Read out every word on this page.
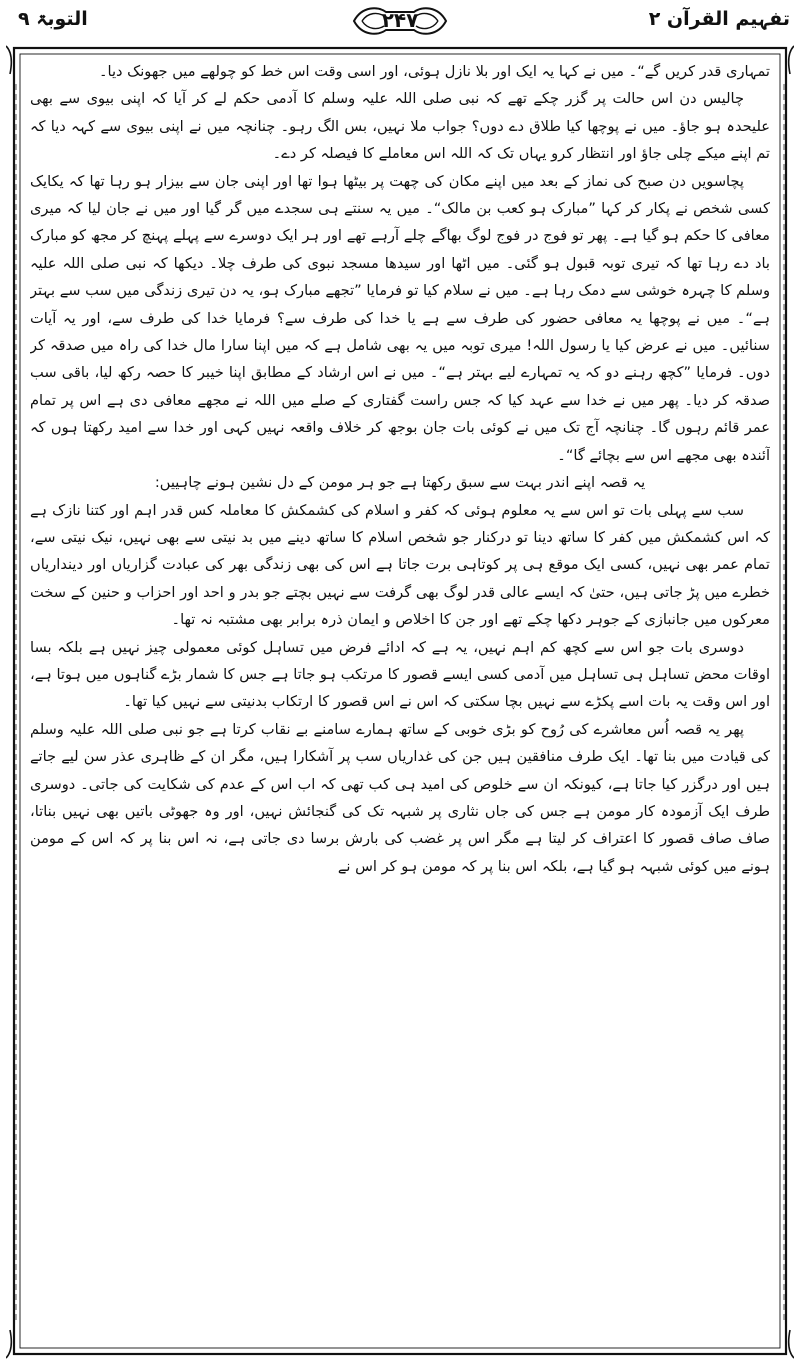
تفہیم القرآن ۲
۲۴۷
التوبۃ ۹

تمہاری قدر کریں گے“۔ میں نے کہا یہ ایک اور بلا نازل ہوئی، اور اسی وقت اس خط کو چولھے میں جھونک دیا۔

چالیس دن اس حالت پر گزر چکے تھے کہ نبی صلی اللہ علیہ وسلم کا آدمی حکم لے کر آیا کہ اپنی بیوی سے بھی علیحدہ ہو جاؤ۔ میں نے پوچھا کیا طلاق دے دوں؟ جواب ملا نہیں، بس الگ رہو۔ چنانچہ میں نے اپنی بیوی سے کہہ دیا کہ تم اپنے میکے چلی جاؤ اور انتظار کرو یہاں تک کہ اللہ اس معاملے کا فیصلہ کر دے۔

پچاسویں دن صبح کی نماز کے بعد میں اپنے مکان کی چھت پر بیٹھا ہوا تھا اور اپنی جان سے بیزار ہو رہا تھا کہ یکایک کسی شخص نے پکار کر کہا ”مبارک ہو کعب بن مالک“۔ میں یہ سنتے ہی سجدے میں گر گیا اور میں نے جان لیا کہ میری معافی کا حکم ہو گیا ہے۔ پھر تو فوج در فوج لوگ بھاگے چلے آرہے تھے اور ہر ایک دوسرے سے پہلے پہنچ کر مجھ کو مبارک باد دے رہا تھا کہ تیری توبہ قبول ہو گئی۔ میں اٹھا اور سیدھا مسجد نبوی کی طرف چلا۔ دیکھا کہ نبی صلی اللہ علیہ وسلم کا چہرہ خوشی سے دمک رہا ہے۔ میں نے سلام کیا تو فرمایا ”تجھے مبارک ہو، یہ دن تیری زندگی میں سب سے بہتر ہے“۔ میں نے پوچھا یہ معافی حضور کی طرف سے ہے یا خدا کی طرف سے؟ فرمایا خدا کی طرف سے، اور یہ آیات سنائیں۔ میں نے عرض کیا یا رسول اللہ! میری توبہ میں یہ بھی شامل ہے کہ میں اپنا سارا مال خدا کی راہ میں صدقہ کر دوں۔ فرمایا ”کچھ رہنے دو کہ یہ تمہارے لیے بہتر ہے“۔ میں نے اس ارشاد کے مطابق اپنا خیبر کا حصہ رکھ لیا، باقی سب صدقہ کر دیا۔ پھر میں نے خدا سے عہد کیا کہ جس راست گفتاری کے صلے میں اللہ نے مجھے معافی دی ہے اس پر تمام عمر قائم رہوں گا۔ چنانچہ آج تک میں نے کوئی بات جان بوجھ کر خلاف واقعہ نہیں کہی اور خدا سے امید رکھتا ہوں کہ آئندہ بھی مجھے اس سے بچائے گا“۔

یہ قصہ اپنے اندر بہت سے سبق رکھتا ہے جو ہر مومن کے دل نشین ہونے چاہییں:

سب سے پہلی بات تو اس سے یہ معلوم ہوئی کہ کفر و اسلام کی کشمکش کا معاملہ کس قدر اہم اور کتنا نازک ہے کہ اس کشمکش میں کفر کا ساتھ دینا تو درکنار جو شخص اسلام کا ساتھ دینے میں بد نیتی سے بھی نہیں، نیک نیتی سے، تمام عمر بھی نہیں، کسی ایک موقع ہی پر کوتاہی برت جاتا ہے اس کی بھی زندگی بھر کی عبادت گزاریاں اور دینداریاں خطرے میں پڑ جاتی ہیں، حتیٰ کہ ایسے عالی قدر لوگ بھی گرفت سے نہیں بچتے جو بدر و احد اور احزاب و حنین کے سخت معرکوں میں جانبازی کے جوہر دکھا چکے تھے اور جن کا اخلاص و ایمان ذرہ برابر بھی مشتبہ نہ تھا۔

دوسری بات جو اس سے کچھ کم اہم نہیں، یہ ہے کہ ادائے فرض میں تساہل کوئی معمولی چیز نہیں ہے بلکہ بسا اوقات محض تساہل ہی تساہل میں آدمی کسی ایسے قصور کا مرتکب ہو جاتا ہے جس کا شمار بڑے گناہوں میں ہوتا ہے، اور اس وقت یہ بات اسے پکڑے سے نہیں بچا سکتی کہ اس نے اس قصور کا ارتکاب بدنیتی سے نہیں کیا تھا۔

پھر یہ قصہ اُس معاشرے کی رُوح کو بڑی خوبی کے ساتھ ہمارے سامنے بے نقاب کرتا ہے جو نبی صلی اللہ علیہ وسلم کی قیادت میں بنا تھا۔ ایک طرف منافقین ہیں جن کی غداریاں سب پر آشکارا ہیں، مگر ان کے ظاہری عذر سن لیے جاتے ہیں اور درگزر کیا جاتا ہے، کیونکہ ان سے خلوص کی امید ہی کب تھی کہ اب اس کے عدم کی شکایت کی جاتی۔ دوسری طرف ایک آزمودہ کار مومن ہے جس کی جاں نثاری پر شبہہ تک کی گنجائش نہیں، اور وہ جھوٹی باتیں بھی نہیں بناتا، صاف صاف قصور کا اعتراف کر لیتا ہے مگر اس پر غضب کی بارش برسا دی جاتی ہے، نہ اس بنا پر کہ اس کے مومن ہونے میں کوئی شبہہ ہو گیا ہے، بلکہ اس بنا پر کہ مومن ہو کر اس نے
